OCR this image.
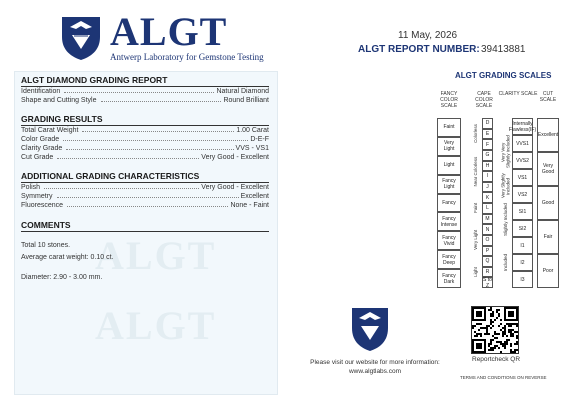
ALGT
Antwerp Laboratory for Gemstone Testing
11 May, 2026
ALGT REPORT NUMBER: 39413881
ALGT
ALGT
ALGT DIAMOND GRADING REPORT
Identification	Natural Diamond
Shape and Cutting Style	Round Brilliant
GRADING RESULTS
Total Carat Weight	1.00 Carat
Color Grade	D-E-F
Clarity Grade	VVS - VS1
Cut Grade	Very Good - Excellent
ADDITIONAL GRADING CHARACTERISTICS
Polish	Very Good - Excellent
Symmetry	Excellent
Fluorescence	None - Faint
COMMENTS
Total 10 stones.
Average carat weight: 0.10 ct.
Diameter: 2.90 - 3.00 mm.
ALGT GRADING SCALES
FANCY COLOR SCALE
CAPE COLOR SCALE
CLARITY SCALE	CUT SCALE
Faint
Very Light
Light
Fancy Light
Fancy
Fancy Intense
Fancy Vivid
Fancy Deep
Fancy Dark
D
E
F
G
H
I
J
K
L
M
N
O
P
Q
R
S to Z
Colorless
Near Colorless
Faint
Very Light
Light
Internally Flawless(IF)
VVS1
VVS2
VS1
VS2
SI1
SI2
I1
I2
I3
Very Very Slightly Included
Very Slightly Included
Slightly Included
Included
Excellent
Very Good
Good
Fair
Poor
Please visit our website for more information:
www.algtlabs.com
Reportcheck QR
TERMS AND CONDITIONS ON REVERSE
